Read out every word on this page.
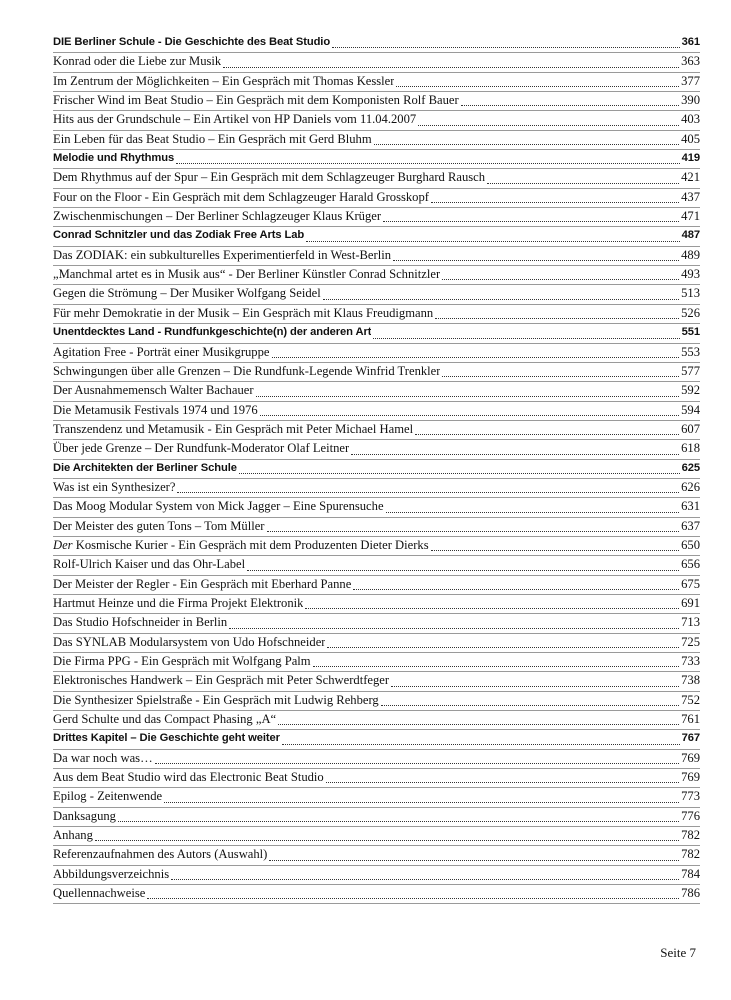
DIE Berliner Schule - Die Geschichte des Beat Studio	361
Konrad oder die Liebe zur Musik	363
Im Zentrum der Möglichkeiten – Ein Gespräch mit Thomas Kessler	377
Frischer Wind im Beat Studio – Ein Gespräch mit dem Komponisten Rolf Bauer	390
Hits aus der Grundschule – Ein Artikel von HP Daniels vom 11.04.2007	403
Ein Leben für das Beat Studio – Ein Gespräch mit Gerd Bluhm	405
Melodie und Rhythmus	419
Dem Rhythmus auf der Spur – Ein Gespräch mit dem Schlagzeuger Burghard Rausch	421
Four on the Floor - Ein Gespräch mit dem Schlagzeuger Harald Grosskopf	437
Zwischenmischungen – Der Berliner Schlagzeuger Klaus Krüger	471
Conrad Schnitzler und das Zodiak Free Arts Lab	487
Das ZODIAK: ein subkulturelles Experimentierfeld in West-Berlin	489
„Manchmal artet es in Musik aus“ - Der Berliner Künstler Conrad Schnitzler	493
Gegen die Strömung – Der Musiker Wolfgang Seidel	513
Für mehr Demokratie in der Musik – Ein Gespräch mit Klaus Freudigmann	526
Unentdecktes Land - Rundfunkgeschichte(n) der anderen Art	551
Agitation Free - Porträt einer Musikgruppe	553
Schwingungen über alle Grenzen – Die Rundfunk-Legende Winfrid Trenkler	577
Der Ausnahmemensch Walter Bachauer	592
Die Metamusik Festivals 1974 und 1976	594
Transzendenz und Metamusik - Ein Gespräch mit Peter Michael Hamel	607
Über jede Grenze – Der Rundfunk-Moderator Olaf Leitner	618
Die Architekten der Berliner Schule	625
Was ist ein Synthesizer?	626
Das Moog Modular System von Mick Jagger – Eine Spurensuche	631
Der Meister des guten Tons – Tom Müller	637
Der Kosmische Kurier - Ein Gespräch mit dem Produzenten Dieter Dierks	650
Rolf-Ulrich Kaiser und das Ohr-Label	656
Der Meister der Regler - Ein Gespräch mit Eberhard Panne	675
Hartmut Heinze und die Firma Projekt Elektronik	691
Das Studio Hofschneider in Berlin	713
Das SYNLAB Modularsystem von Udo Hofschneider	725
Die Firma PPG - Ein Gespräch mit Wolfgang Palm	733
Elektronisches Handwerk – Ein Gespräch mit Peter Schwerdtfeger	738
Die Synthesizer Spielstraße - Ein Gespräch mit Ludwig Rehberg	752
Gerd Schulte und das Compact Phasing „A“	761
Drittes Kapitel – Die Geschichte geht weiter	767
Da war noch was…	769
Aus dem Beat Studio wird das Electronic Beat Studio	769
Epilog - Zeitenwende	773
Danksagung	776
Anhang	782
Referenzaufnahmen des Autors (Auswahl)	782
Abbildungsverzeichnis	784
Quellennachweise	786
Seite 7
